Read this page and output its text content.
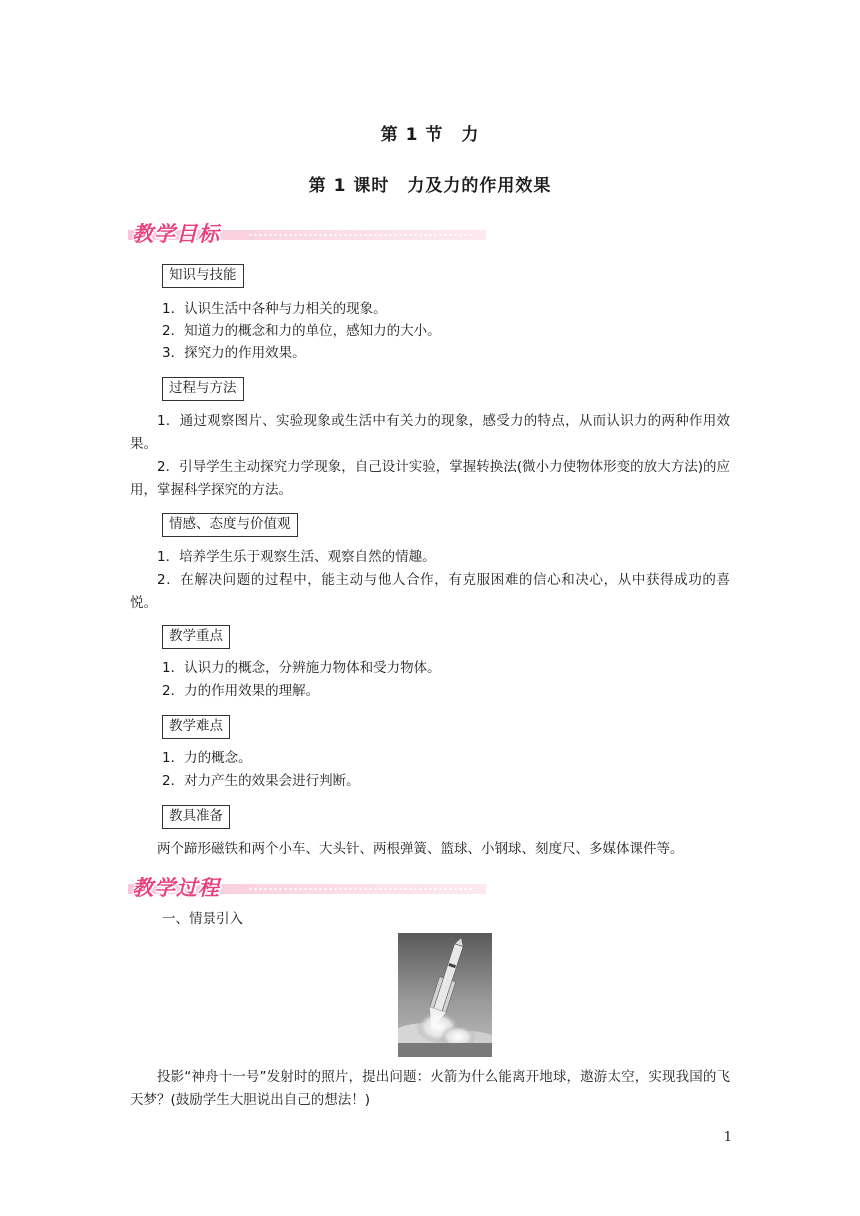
第 1 节　力
第 1 课时　力及力的作用效果
教学目标
知识与技能
1．认识生活中各种与力相关的现象。
2．知道力的概念和力的单位，感知力的大小。
3．探究力的作用效果。
过程与方法
1．通过观察图片、实验现象或生活中有关力的现象，感受力的特点，从而认识力的两种作用效果。
2．引导学生主动探究力学现象，自己设计实验，掌握转换法(微小力使物体形变的放大方法)的应用，掌握科学探究的方法。
情感、态度与价值观
1．培养学生乐于观察生活、观察自然的情趣。
2．在解决问题的过程中，能主动与他人合作，有克服困难的信心和决心，从中获得成功的喜悦。
教学重点
1．认识力的概念，分辨施力物体和受力物体。
2．力的作用效果的理解。
教学难点
1．力的概念。
2．对力产生的效果会进行判断。
教具准备
两个蹄形磁铁和两个小车、大头针、两根弹簧、篮球、小钢球、刻度尺、多媒体课件等。
教学过程
一、情景引入
投影“神舟十一号”发射时的照片，提出问题：火箭为什么能离开地球，遨游太空，实现我国的飞天梦？(鼓励学生大胆说出自己的想法！)
1
